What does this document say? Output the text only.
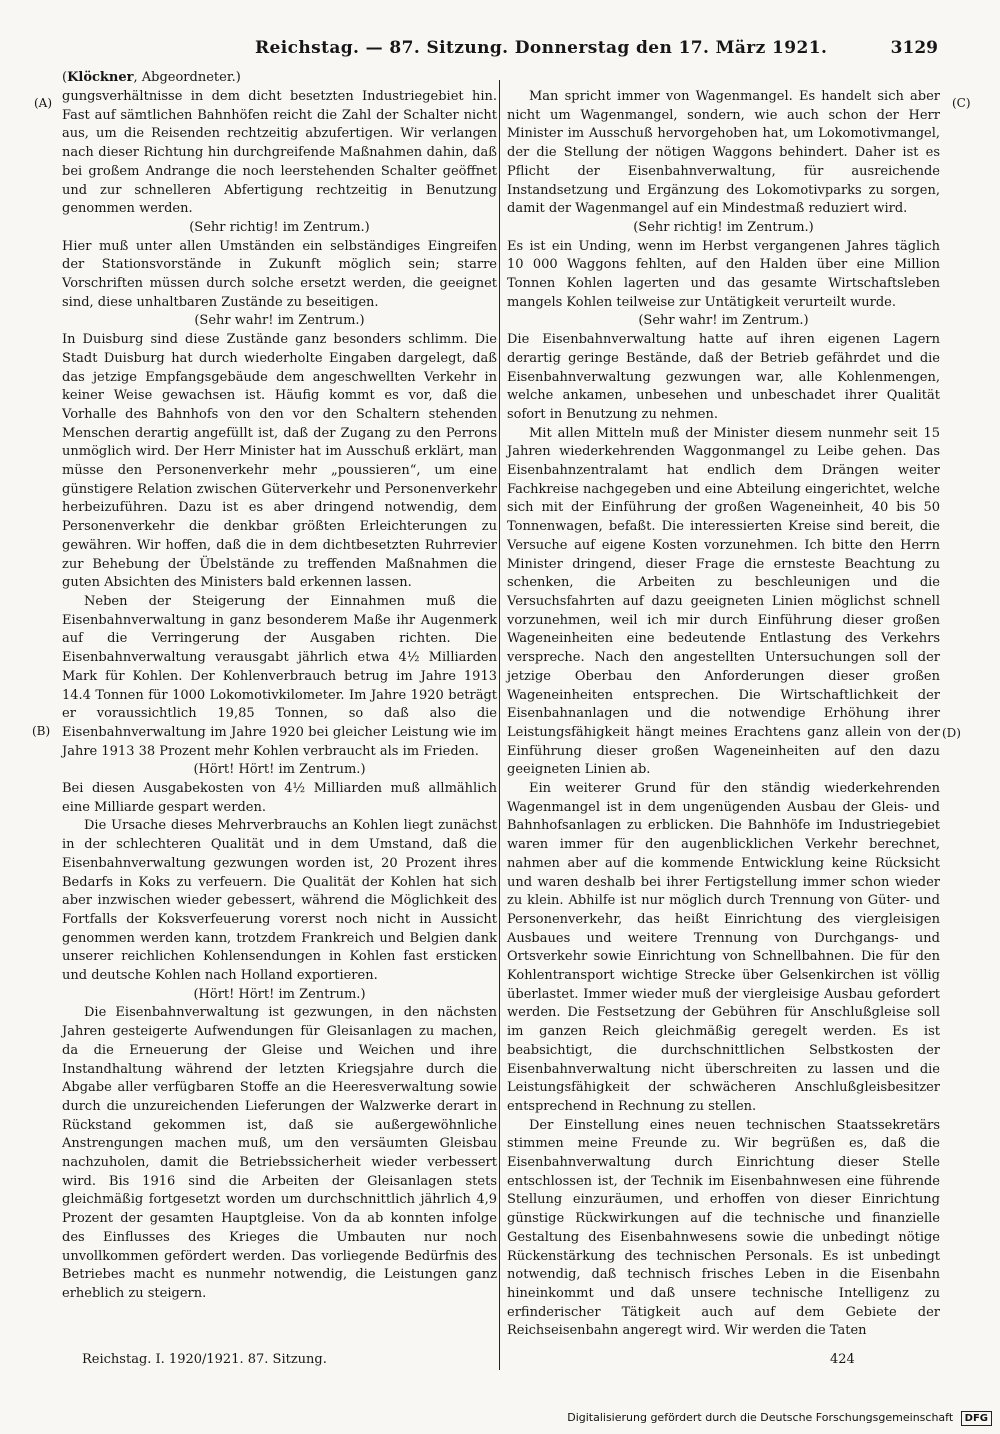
Reichstag. — 87. Sitzung. Donnerstag den 17. März 1921.	3129
(Klöckner, Abgeordneter.)
(A)
(B)
(C)
(D)

gungsverhältnisse in dem dicht besetzten Industriegebiet hin. Fast auf sämtlichen Bahnhöfen reicht die Zahl der Schalter nicht aus, um die Reisenden rechtzeitig abzufertigen. Wir verlangen nach dieser Richtung hin durchgreifende Maßnahmen dahin, daß bei großem Andrange die noch leerstehenden Schalter geöffnet und zur schnelleren Abfertigung rechtzeitig in Benutzung genommen werden.

(Sehr richtig! im Zentrum.)

Hier muß unter allen Umständen ein selbständiges Eingreifen der Stationsvorstände in Zukunft möglich sein; starre Vorschriften müssen durch solche ersetzt werden, die geeignet sind, diese unhaltbaren Zustände zu beseitigen.

(Sehr wahr! im Zentrum.)

In Duisburg sind diese Zustände ganz besonders schlimm. Die Stadt Duisburg hat durch wiederholte Eingaben dargelegt, daß das jetzige Empfangsgebäude dem angeschwellten Verkehr in keiner Weise gewachsen ist. Häufig kommt es vor, daß die Vorhalle des Bahnhofs von den vor den Schaltern stehenden Menschen derartig angefüllt ist, daß der Zugang zu den Perrons unmöglich wird. Der Herr Minister hat im Ausschuß erklärt, man müsse den Personenverkehr mehr „poussieren“, um eine günstigere Relation zwischen Güterverkehr und Personenverkehr herbeizuführen. Dazu ist es aber dringend notwendig, dem Personenverkehr die denkbar größten Erleichterungen zu gewähren. Wir hoffen, daß die in dem dichtbesetzten Ruhrrevier zur Behebung der Übelstände zu treffenden Maßnahmen die guten Absichten des Ministers bald erkennen lassen.

Neben der Steigerung der Einnahmen muß die Eisenbahnverwaltung in ganz besonderem Maße ihr Augenmerk auf die Verringerung der Ausgaben richten. Die Eisenbahnverwaltung verausgabt jährlich etwa 4½ Milliarden Mark für Kohlen. Der Kohlenverbrauch betrug im Jahre 1913 14.4 Tonnen für 1000 Lokomotivkilometer. Im Jahre 1920 beträgt er voraussichtlich 19,85 Tonnen, so daß also die Eisenbahnverwaltung im Jahre 1920 bei gleicher Leistung wie im Jahre 1913 38 Prozent mehr Kohlen verbraucht als im Frieden.

(Hört! Hört! im Zentrum.)

Bei diesen Ausgabekosten von 4½ Milliarden muß allmählich eine Milliarde gespart werden.

Die Ursache dieses Mehrverbrauchs an Kohlen liegt zunächst in der schlechteren Qualität und in dem Umstand, daß die Eisenbahnverwaltung gezwungen worden ist, 20 Prozent ihres Bedarfs in Koks zu verfeuern. Die Qualität der Kohlen hat sich aber inzwischen wieder gebessert, während die Möglichkeit des Fortfalls der Koksverfeuerung vorerst noch nicht in Aussicht genommen werden kann, trotzdem Frankreich und Belgien dank unserer reichlichen Kohlensendungen in Kohlen fast ersticken und deutsche Kohlen nach Holland exportieren.

(Hört! Hört! im Zentrum.)

Die Eisenbahnverwaltung ist gezwungen, in den nächsten Jahren gesteigerte Aufwendungen für Gleisanlagen zu machen, da die Erneuerung der Gleise und Weichen und ihre Instandhaltung während der letzten Kriegsjahre durch die Abgabe aller verfügbaren Stoffe an die Heeresverwaltung sowie durch die unzureichenden Lieferungen der Walzwerke derart in Rückstand gekommen ist, daß sie außergewöhnliche Anstrengungen machen muß, um den versäumten Gleisbau nachzuholen, damit die Betriebssicherheit wieder verbessert wird. Bis 1916 sind die Arbeiten der Gleisanlagen stets gleichmäßig fortgesetzt worden um durchschnittlich jährlich 4,9 Prozent der gesamten Hauptgleise. Von da ab konnten infolge des Einflusses des Krieges die Umbauten nur noch unvollkommen gefördert werden. Das vorliegende Bedürfnis des Betriebes macht es nunmehr notwendig, die Leistungen ganz erheblich zu steigern.

Man spricht immer von Wagenmangel. Es handelt sich aber nicht um Wagenmangel, sondern, wie auch schon der Herr Minister im Ausschuß hervorgehoben hat, um Lokomotivmangel, der die Stellung der nötigen Waggons behindert. Daher ist es Pflicht der Eisenbahnverwaltung, für ausreichende Instandsetzung und Ergänzung des Lokomotivparks zu sorgen, damit der Wagenmangel auf ein Mindestmaß reduziert wird.

(Sehr richtig! im Zentrum.)

Es ist ein Unding, wenn im Herbst vergangenen Jahres täglich 10 000 Waggons fehlten, auf den Halden über eine Million Tonnen Kohlen lagerten und das gesamte Wirtschaftsleben mangels Kohlen teilweise zur Untätigkeit verurteilt wurde.

(Sehr wahr! im Zentrum.)

Die Eisenbahnverwaltung hatte auf ihren eigenen Lagern derartig geringe Bestände, daß der Betrieb gefährdet und die Eisenbahnverwaltung gezwungen war, alle Kohlenmengen, welche ankamen, unbesehen und unbeschadet ihrer Qualität sofort in Benutzung zu nehmen.

Mit allen Mitteln muß der Minister diesem nunmehr seit 15 Jahren wiederkehrenden Waggonmangel zu Leibe gehen. Das Eisenbahnzentralamt hat endlich dem Drängen weiter Fachkreise nachgegeben und eine Abteilung eingerichtet, welche sich mit der Einführung der großen Wageneinheit, 40 bis 50 Tonnenwagen, befaßt. Die interessierten Kreise sind bereit, die Versuche auf eigene Kosten vorzunehmen. Ich bitte den Herrn Minister dringend, dieser Frage die ernsteste Beachtung zu schenken, die Arbeiten zu beschleunigen und die Versuchsfahrten auf dazu geeigneten Linien möglichst schnell vorzunehmen, weil ich mir durch Einführung dieser großen Wageneinheiten eine bedeutende Entlastung des Verkehrs verspreche. Nach den angestellten Untersuchungen soll der jetzige Oberbau den Anforderungen dieser großen Wageneinheiten entsprechen. Die Wirtschaftlichkeit der Eisenbahnanlagen und die notwendige Erhöhung ihrer Leistungsfähigkeit hängt meines Erachtens ganz allein von der Einführung dieser großen Wageneinheiten auf den dazu geeigneten Linien ab.

Ein weiterer Grund für den ständig wiederkehrenden Wagenmangel ist in dem ungenügenden Ausbau der Gleis- und Bahnhofsanlagen zu erblicken. Die Bahnhöfe im Industriegebiet waren immer für den augenblicklichen Verkehr berechnet, nahmen aber auf die kommende Entwicklung keine Rücksicht und waren deshalb bei ihrer Fertigstellung immer schon wieder zu klein. Abhilfe ist nur möglich durch Trennung von Güter- und Personenverkehr, das heißt Einrichtung des viergleisigen Ausbaues und weitere Trennung von Durchgangs- und Ortsverkehr sowie Einrichtung von Schnellbahnen. Die für den Kohlentransport wichtige Strecke über Gelsenkirchen ist völlig überlastet. Immer wieder muß der viergleisige Ausbau gefordert werden. Die Festsetzung der Gebühren für Anschlußgleise soll im ganzen Reich gleichmäßig geregelt werden. Es ist beabsichtigt, die durchschnittlichen Selbstkosten der Eisenbahnverwaltung nicht überschreiten zu lassen und die Leistungsfähigkeit der schwächeren Anschlußgleisbesitzer entsprechend in Rechnung zu stellen.

Der Einstellung eines neuen technischen Staatssekretärs stimmen meine Freunde zu. Wir begrüßen es, daß die Eisenbahnverwaltung durch Einrichtung dieser Stelle entschlossen ist, der Technik im Eisenbahnwesen eine führende Stellung einzuräumen, und erhoffen von dieser Einrichtung günstige Rückwirkungen auf die technische und finanzielle Gestaltung des Eisenbahnwesens sowie die unbedingt nötige Rückenstärkung des technischen Personals. Es ist unbedingt notwendig, daß technisch frisches Leben in die Eisenbahn hineinkommt und daß unsere technische Intelligenz zu erfinderischer Tätigkeit auch auf dem Gebiete der Reichseisenbahn angeregt wird. Wir werden die Taten

Reichstag. I. 1920/1921. 87. Sitzung.	424
Digitalisierung gefördert durch die Deutsche Forschungsgemeinschaft DFG
